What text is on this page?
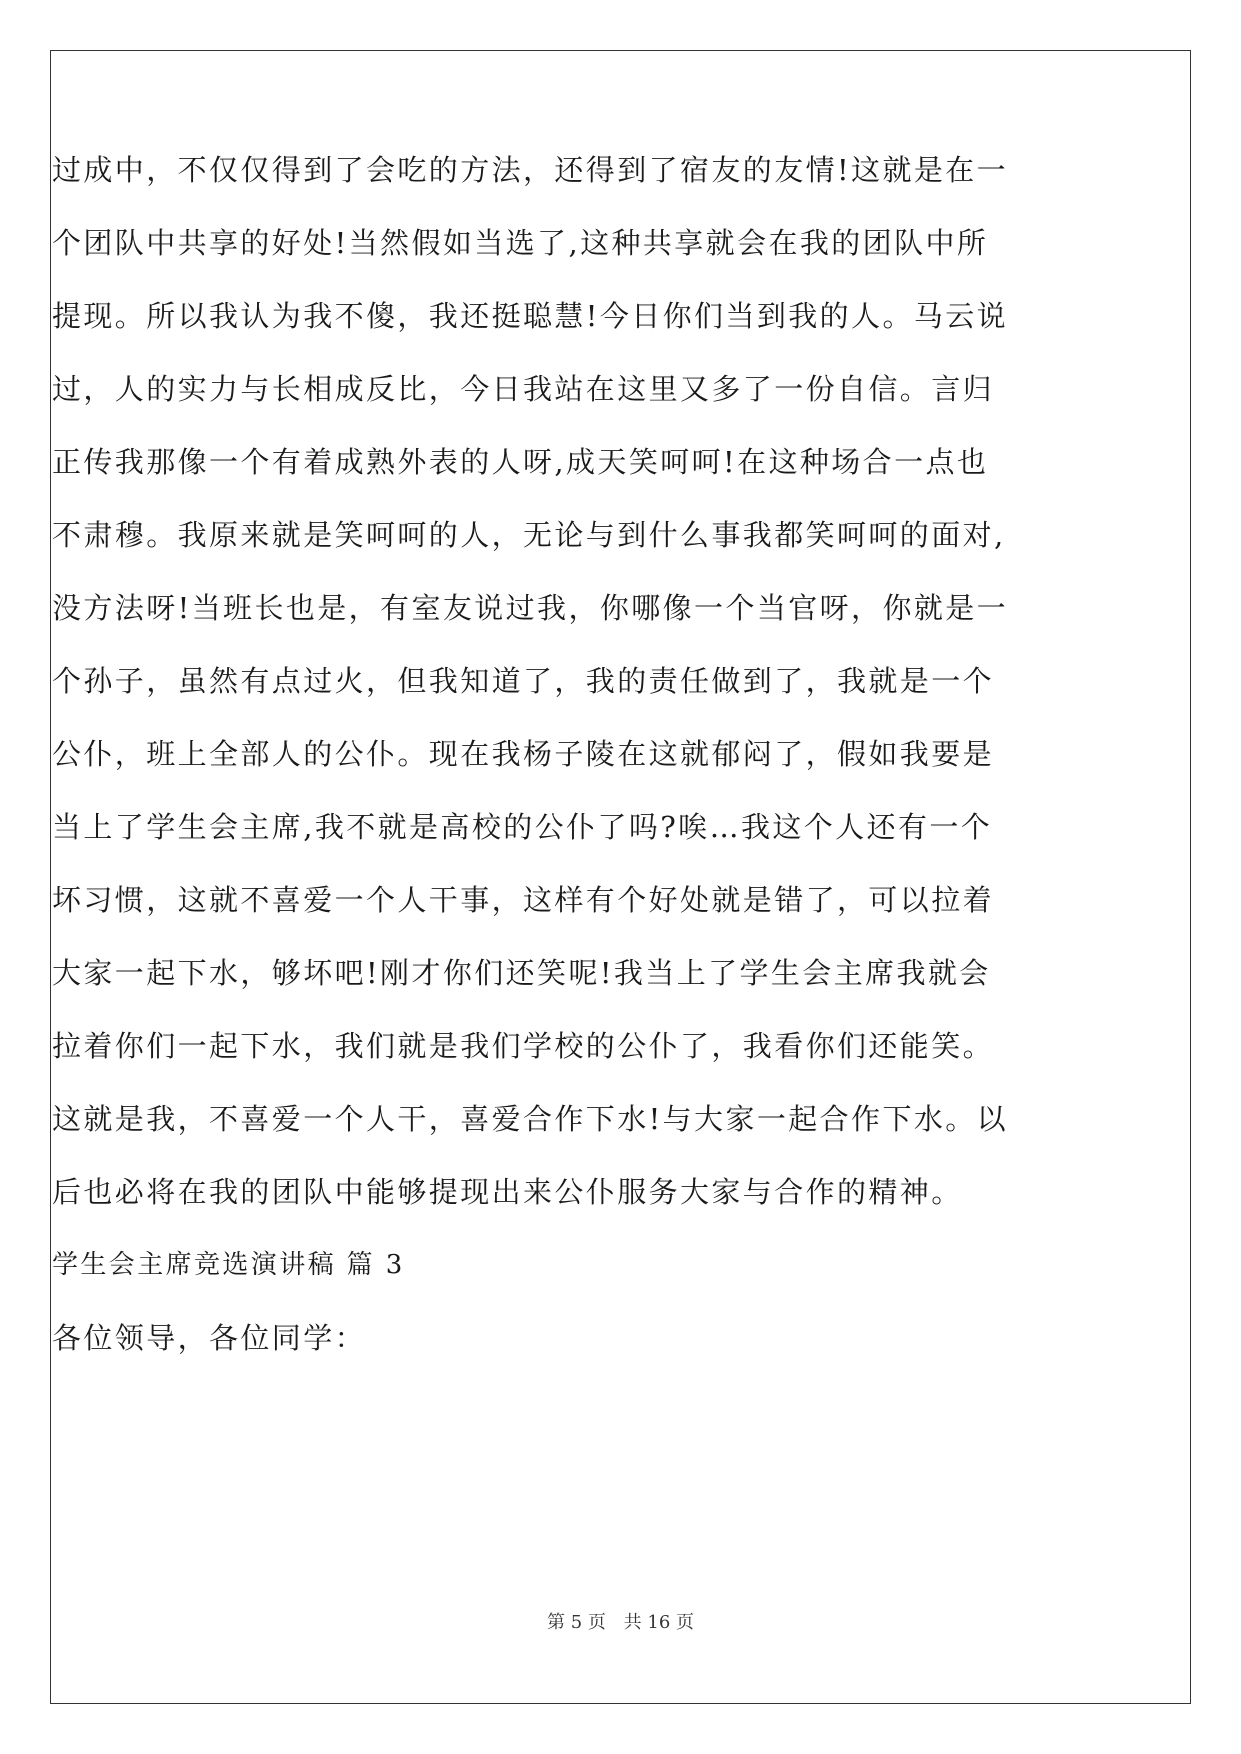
过成中，不仅仅得到了会吃的方法，还得到了宿友的友情!这就是在一
个团队中共享的好处!当然假如当选了,这种共享就会在我的团队中所
提现。所以我认为我不傻，我还挺聪慧!今日你们当到我的人。马云说
过，人的实力与长相成反比，今日我站在这里又多了一份自信。言归
正传我那像一个有着成熟外表的人呀,成天笑呵呵!在这种场合一点也
不肃穆。我原来就是笑呵呵的人，无论与到什么事我都笑呵呵的面对,
没方法呀!当班长也是，有室友说过我，你哪像一个当官呀，你就是一
个孙子，虽然有点过火，但我知道了，我的责任做到了，我就是一个
公仆，班上全部人的公仆。现在我杨子陵在这就郁闷了，假如我要是
当上了学生会主席,我不就是高校的公仆了吗?唉…我这个人还有一个
坏习惯，这就不喜爱一个人干事，这样有个好处就是错了，可以拉着
大家一起下水，够坏吧!刚才你们还笑呢!我当上了学生会主席我就会
拉着你们一起下水，我们就是我们学校的公仆了，我看你们还能笑。
这就是我，不喜爱一个人干，喜爱合作下水!与大家一起合作下水。以
后也必将在我的团队中能够提现出来公仆服务大家与合作的精神。
学生会主席竞选演讲稿 篇 3
各位领导，各位同学：
第 5 页 共 16 页
